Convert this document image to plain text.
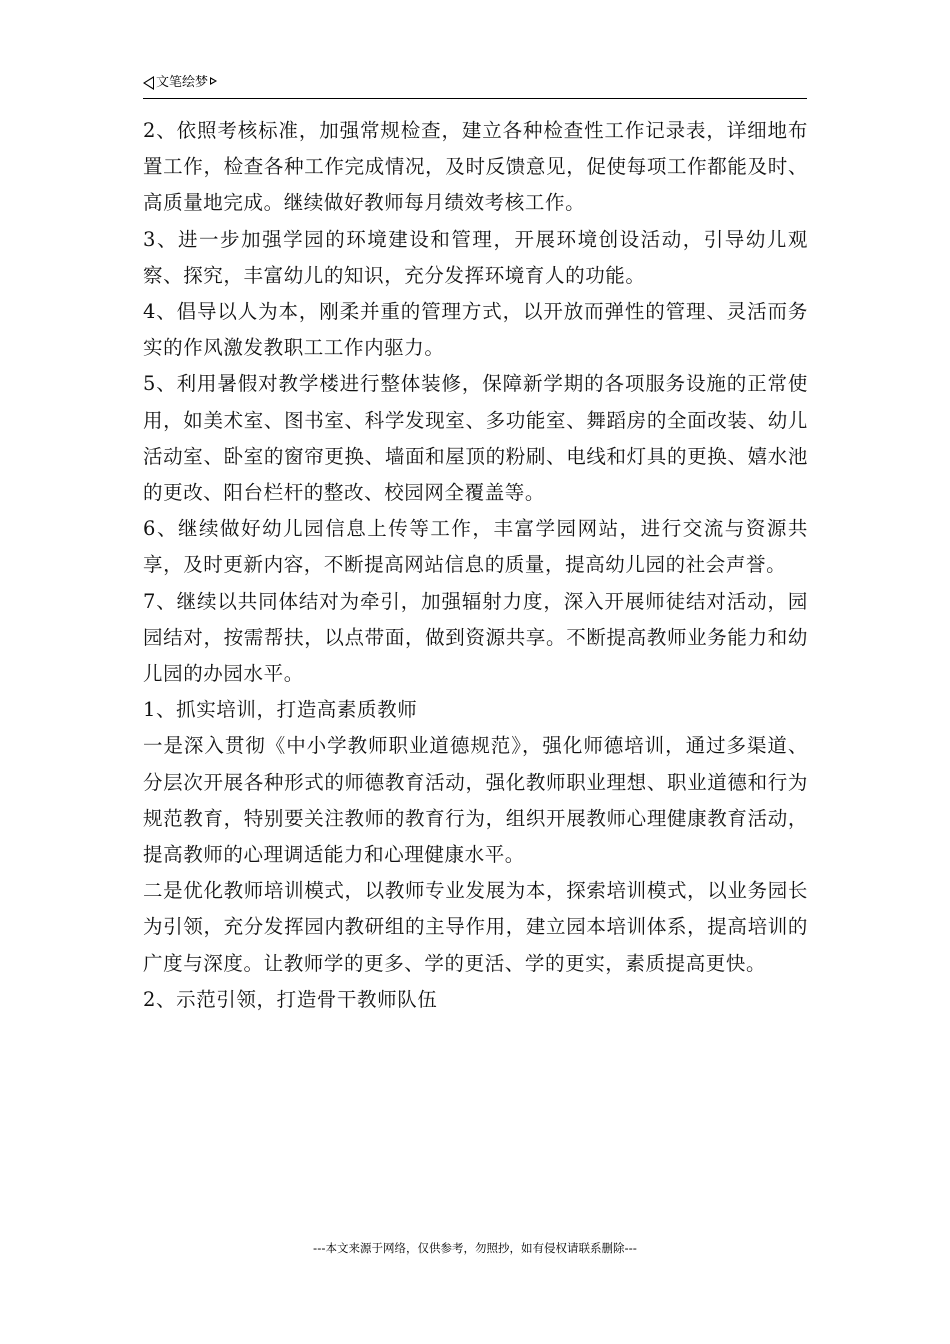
文笔绘梦

2、依照考核标准，加强常规检查，建立各种检查性工作记录表，详细地布置工作，检查各种工作完成情况，及时反馈意见，促使每项工作都能及时、高质量地完成。继续做好教师每月绩效考核工作。

3、进一步加强学园的环境建设和管理，开展环境创设活动，引导幼儿观察、探究，丰富幼儿的知识，充分发挥环境育人的功能。

4、倡导以人为本，刚柔并重的管理方式，以开放而弹性的管理、灵活而务实的作风激发教职工工作内驱力。

5、利用暑假对教学楼进行整体装修，保障新学期的各项服务设施的正常使用，如美术室、图书室、科学发现室、多功能室、舞蹈房的全面改装、幼儿活动室、卧室的窗帘更换、墙面和屋顶的粉刷、电线和灯具的更换、嬉水池的更改、阳台栏杆的整改、校园网全覆盖等。

6、继续做好幼儿园信息上传等工作，丰富学园网站，进行交流与资源共享，及时更新内容，不断提高网站信息的质量，提高幼儿园的社会声誉。

7、继续以共同体结对为牵引，加强辐射力度，深入开展师徒结对活动，园园结对，按需帮扶，以点带面，做到资源共享。不断提高教师业务能力和幼儿园的办园水平。

1、抓实培训，打造高素质教师

一是深入贯彻《中小学教师职业道德规范》，强化师德培训，通过多渠道、分层次开展各种形式的师德教育活动，强化教师职业理想、职业道德和行为规范教育，特别要关注教师的教育行为，组织开展教师心理健康教育活动，提高教师的心理调适能力和心理健康水平。

二是优化教师培训模式，以教师专业发展为本，探索培训模式，以业务园长为引领，充分发挥园内教研组的主导作用，建立园本培训体系，提高培训的广度与深度。让教师学的更多、学的更活、学的更实，素质提高更快。

2、示范引领，打造骨干教师队伍

---本文来源于网络，仅供参考，勿照抄，如有侵权请联系删除---
